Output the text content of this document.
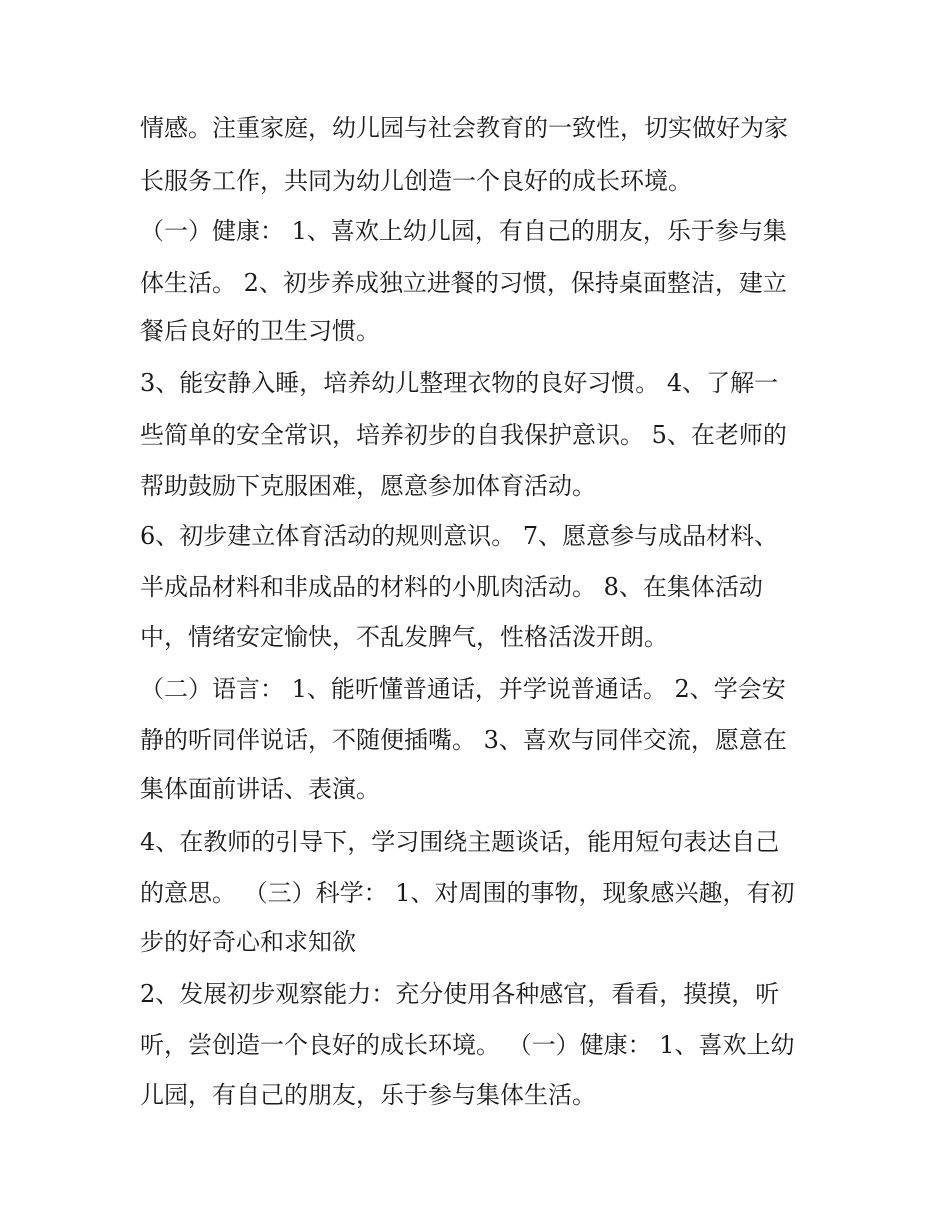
情感。注重家庭，幼儿园与社会教育的一致性，切实做好为家
长服务工作，共同为幼儿创造一个良好的成长环境。
（一）健康： 1、喜欢上幼儿园，有自己的朋友，乐于参与集
体生活。 2、初步养成独立进餐的习惯，保持桌面整洁，建立
餐后良好的卫生习惯。
3、能安静入睡，培养幼儿整理衣物的良好习惯。 4、了解一
些简单的安全常识，培养初步的自我保护意识。 5、在老师的
帮助鼓励下克服困难，愿意参加体育活动。
6、初步建立体育活动的规则意识。 7、愿意参与成品材料、
半成品材料和非成品的材料的小肌肉活动。 8、在集体活动
中，情绪安定愉快，不乱发脾气，性格活泼开朗。
（二）语言： 1、能听懂普通话，并学说普通话。 2、学会安
静的听同伴说话，不随便插嘴。 3、喜欢与同伴交流，愿意在
集体面前讲话、表演。
4、在教师的引导下，学习围绕主题谈话，能用短句表达自己
的意思。 （三）科学： 1、对周围的事物，现象感兴趣，有初
步的好奇心和求知欲
2、发展初步观察能力：充分使用各种感官，看看，摸摸，听
听，尝创造一个良好的成长环境。 （一）健康： 1、喜欢上幼
儿园，有自己的朋友，乐于参与集体生活。
